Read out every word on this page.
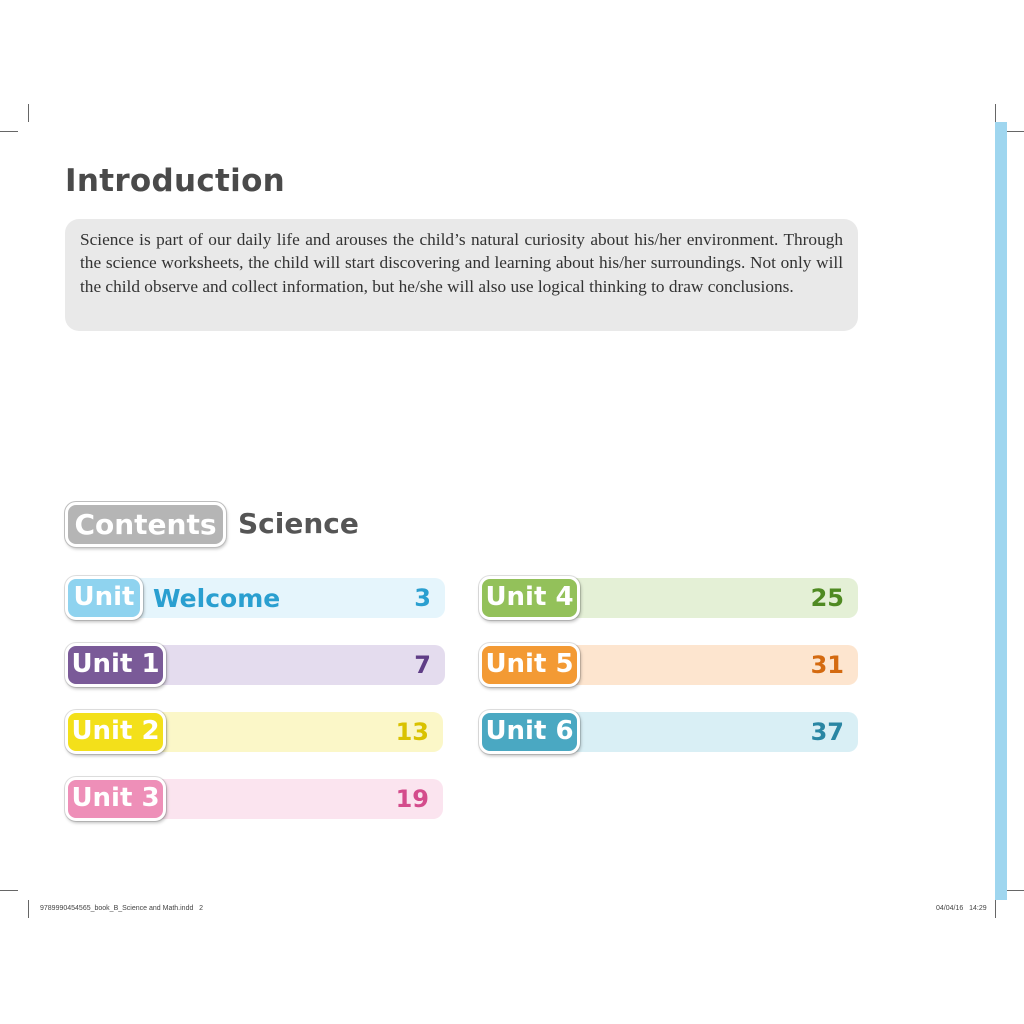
Introduction

Science is part of our daily life and arouses the child’s natural curiosity about his/her environment. Through the science worksheets, the child will start discovering and learning about his/her surroundings. Not only will the child observe and collect information, but he/she will also use logical thinking to draw conclusions.

Contents Science
Unit Welcome	3
Unit 1	7
Unit 2	13
Unit 3	19
Unit 4	25
Unit 5	31
Unit 6	37
9789990454565_book_B_Science and Math.indd   2	04/04/16   14:29
